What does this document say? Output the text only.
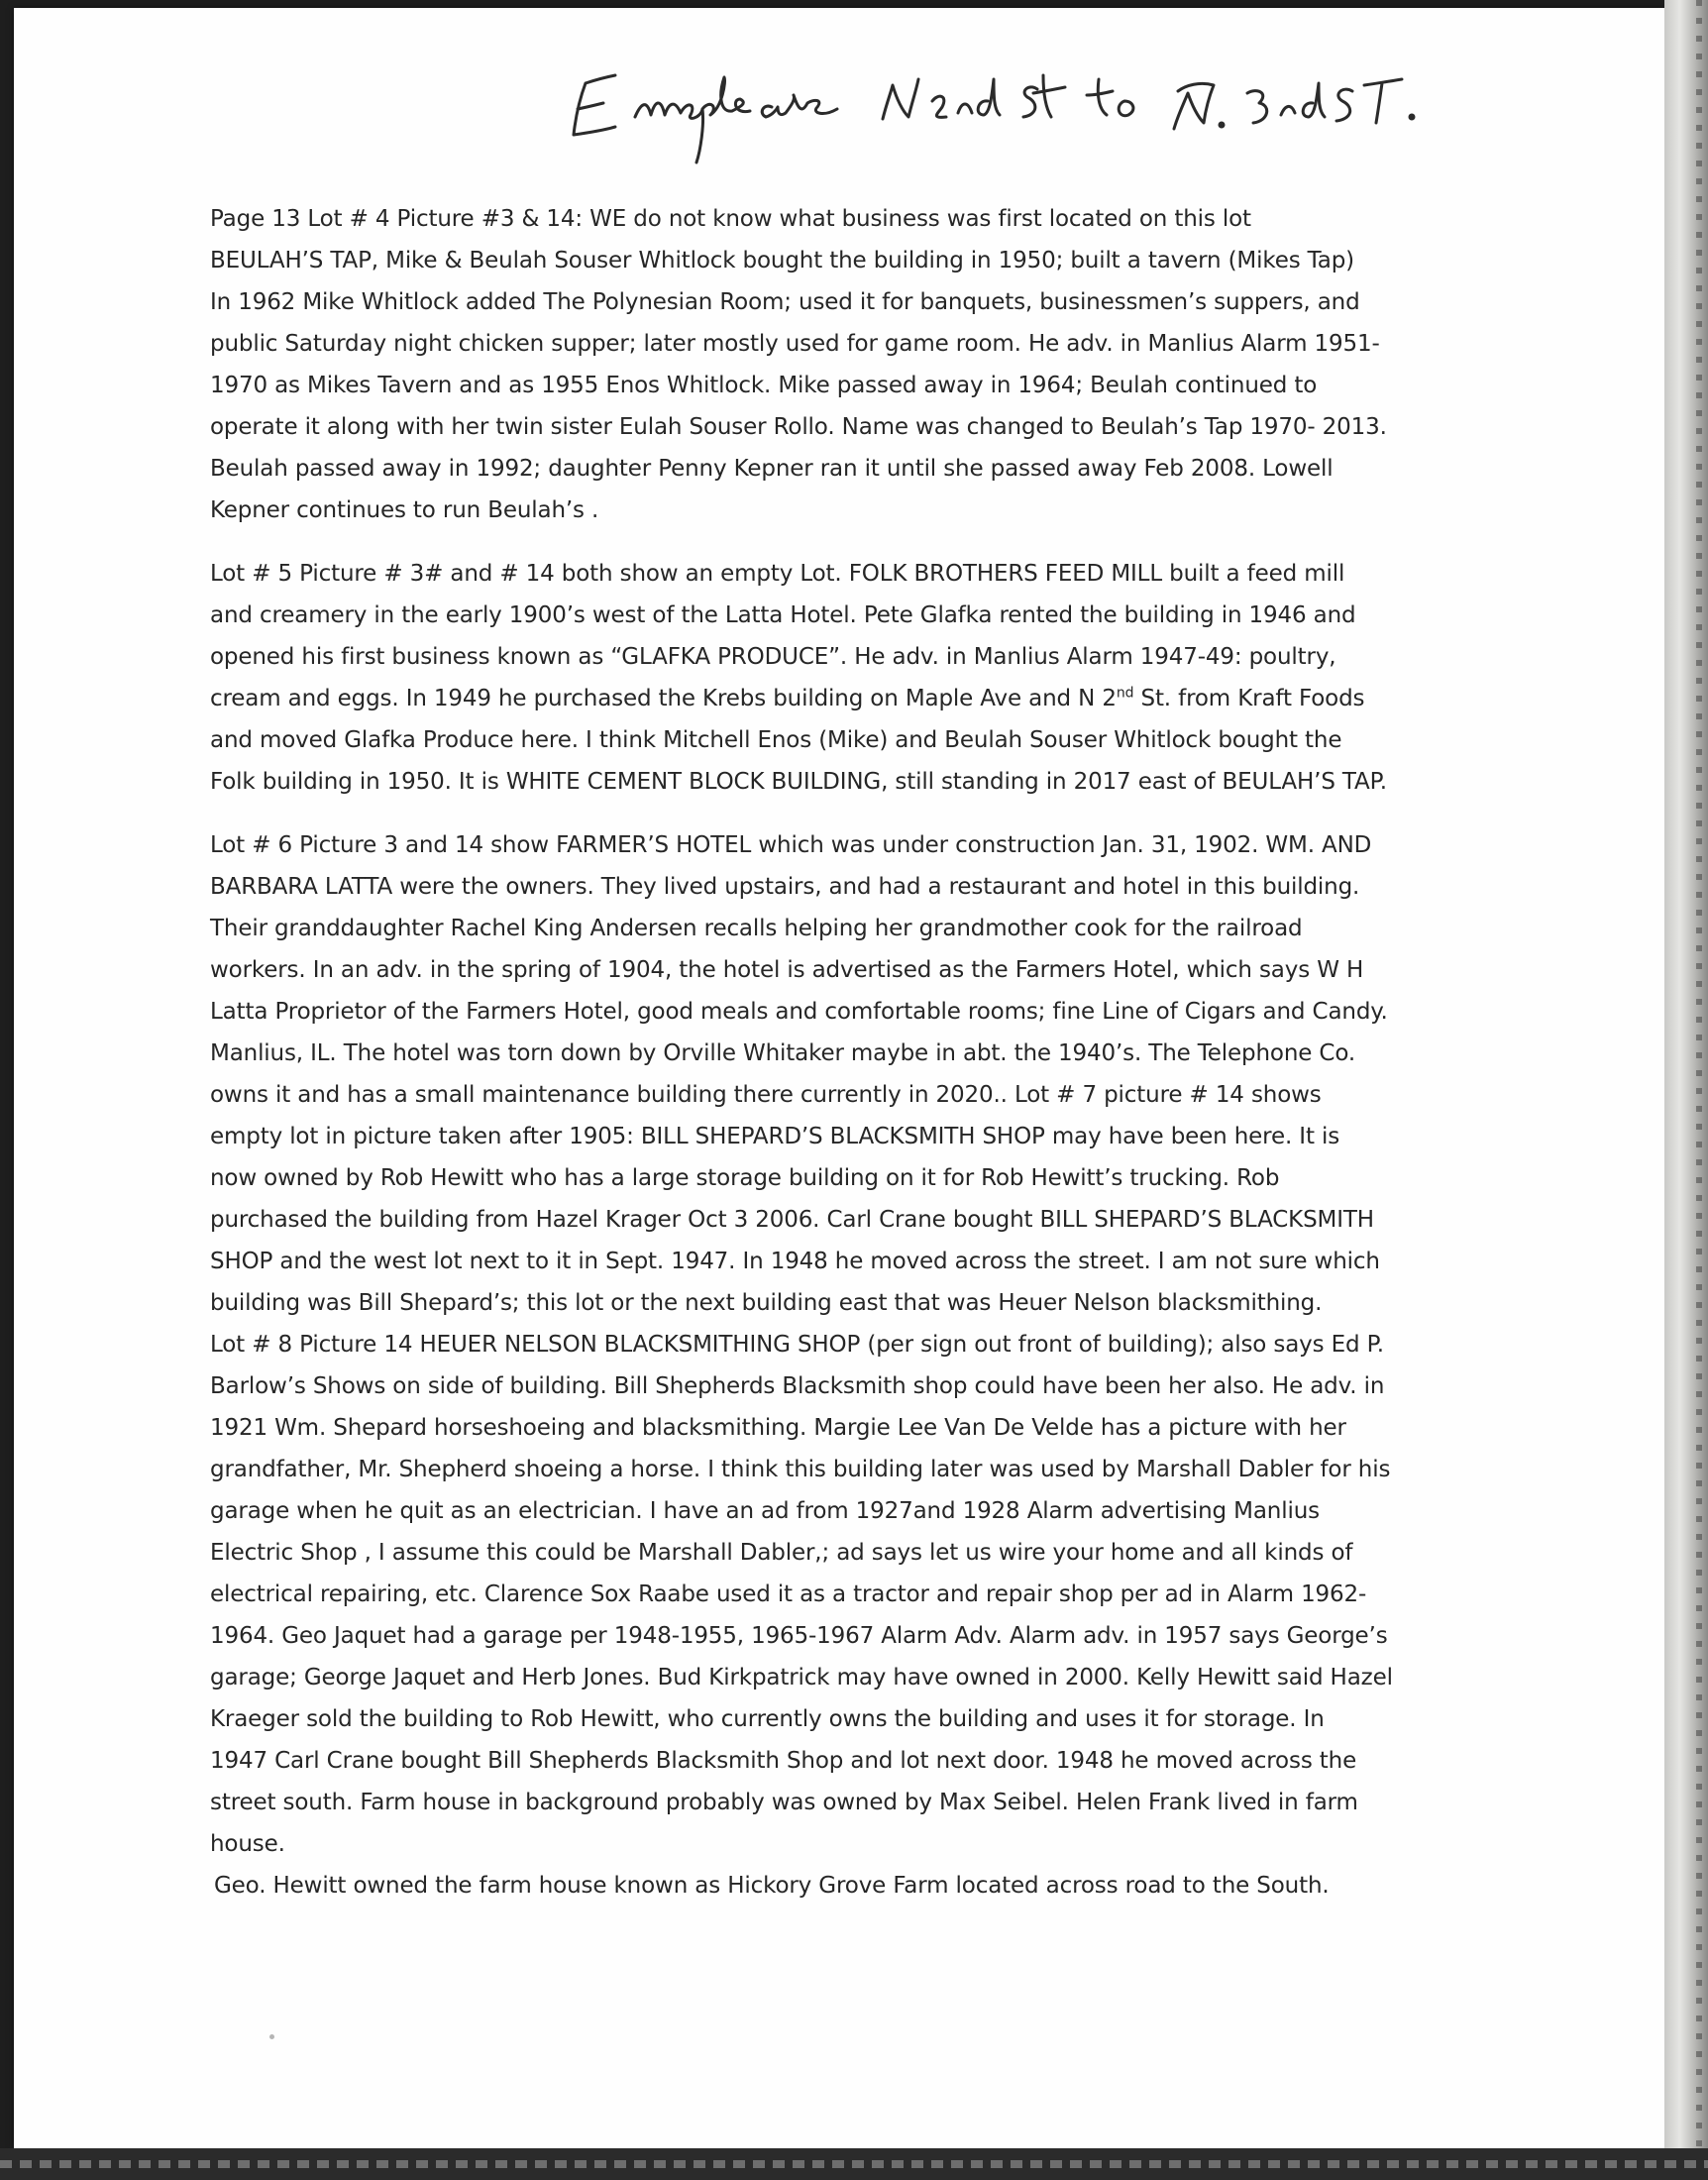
Page 13 Lot # 4 Picture #3 & 14: WE do not know what business was first located on this lot
BEULAH’S TAP, Mike & Beulah Souser Whitlock bought the building in 1950; built a tavern (Mikes Tap)
In 1962 Mike Whitlock added The Polynesian Room; used it for banquets, businessmen’s suppers, and
public Saturday night chicken supper; later mostly used for game room. He adv. in Manlius Alarm 1951-
1970 as Mikes Tavern and as 1955 Enos Whitlock. Mike passed away in 1964; Beulah continued to
operate it along with her twin sister Eulah Souser Rollo. Name was changed to Beulah’s Tap 1970- 2013.
Beulah passed away in 1992; daughter Penny Kepner ran it until she passed away Feb 2008. Lowell
Kepner continues to run Beulah’s .
Lot # 5 Picture # 3# and # 14 both show an empty Lot. FOLK BROTHERS FEED MILL built a feed mill
and creamery in the early 1900’s west of the Latta Hotel. Pete Glafka rented the building in 1946 and
opened his first business known as “GLAFKA PRODUCE”. He adv. in Manlius Alarm 1947-49: poultry,
cream and eggs. In 1949 he purchased the Krebs building on Maple Ave and N 2nd St. from Kraft Foods
and moved Glafka Produce here. I think Mitchell Enos (Mike) and Beulah Souser Whitlock bought the
Folk building in 1950. It is WHITE CEMENT BLOCK BUILDING, still standing in 2017 east of BEULAH’S TAP.
Lot # 6 Picture 3 and 14 show FARMER’S HOTEL which was under construction Jan. 31, 1902. WM. AND
BARBARA LATTA were the owners. They lived upstairs, and had a restaurant and hotel in this building.
Their granddaughter Rachel King Andersen recalls helping her grandmother cook for the railroad
workers. In an adv. in the spring of 1904, the hotel is advertised as the Farmers Hotel, which says W H
Latta Proprietor of the Farmers Hotel, good meals and comfortable rooms; fine Line of Cigars and Candy.
Manlius, IL. The hotel was torn down by Orville Whitaker maybe in abt. the 1940’s. The Telephone Co.
owns it and has a small maintenance building there currently in 2020.. Lot # 7 picture # 14 shows
empty lot in picture taken after 1905: BILL SHEPARD’S BLACKSMITH SHOP may have been here. It is
now owned by Rob Hewitt who has a large storage building on it for Rob Hewitt’s trucking. Rob
purchased the building from Hazel Krager Oct 3 2006. Carl Crane bought BILL SHEPARD’S BLACKSMITH
SHOP and the west lot next to it in Sept. 1947. In 1948 he moved across the street. I am not sure which
building was Bill Shepard’s; this lot or the next building east that was Heuer Nelson blacksmithing.
Lot # 8 Picture 14 HEUER NELSON BLACKSMITHING SHOP (per sign out front of building); also says Ed P.
Barlow’s Shows on side of building. Bill Shepherds Blacksmith shop could have been her also. He adv. in
1921 Wm. Shepard horseshoeing and blacksmithing. Margie Lee Van De Velde has a picture with her
grandfather, Mr. Shepherd shoeing a horse. I think this building later was used by Marshall Dabler for his
garage when he quit as an electrician. I have an ad from 1927and 1928 Alarm advertising Manlius
Electric Shop , I assume this could be Marshall Dabler,; ad says let us wire your home and all kinds of
electrical repairing, etc. Clarence Sox Raabe used it as a tractor and repair shop per ad in Alarm 1962-
1964. Geo Jaquet had a garage per 1948-1955, 1965-1967 Alarm Adv. Alarm adv. in 1957 says George’s
garage; George Jaquet and Herb Jones. Bud Kirkpatrick may have owned in 2000. Kelly Hewitt said Hazel
Kraeger sold the building to Rob Hewitt, who currently owns the building and uses it for storage. In
1947 Carl Crane bought Bill Shepherds Blacksmith Shop and lot next door. 1948 he moved across the
street south. Farm house in background probably was owned by Max Seibel. Helen Frank lived in farm
house.
Geo. Hewitt owned the farm house known as Hickory Grove Farm located across road to the South.
